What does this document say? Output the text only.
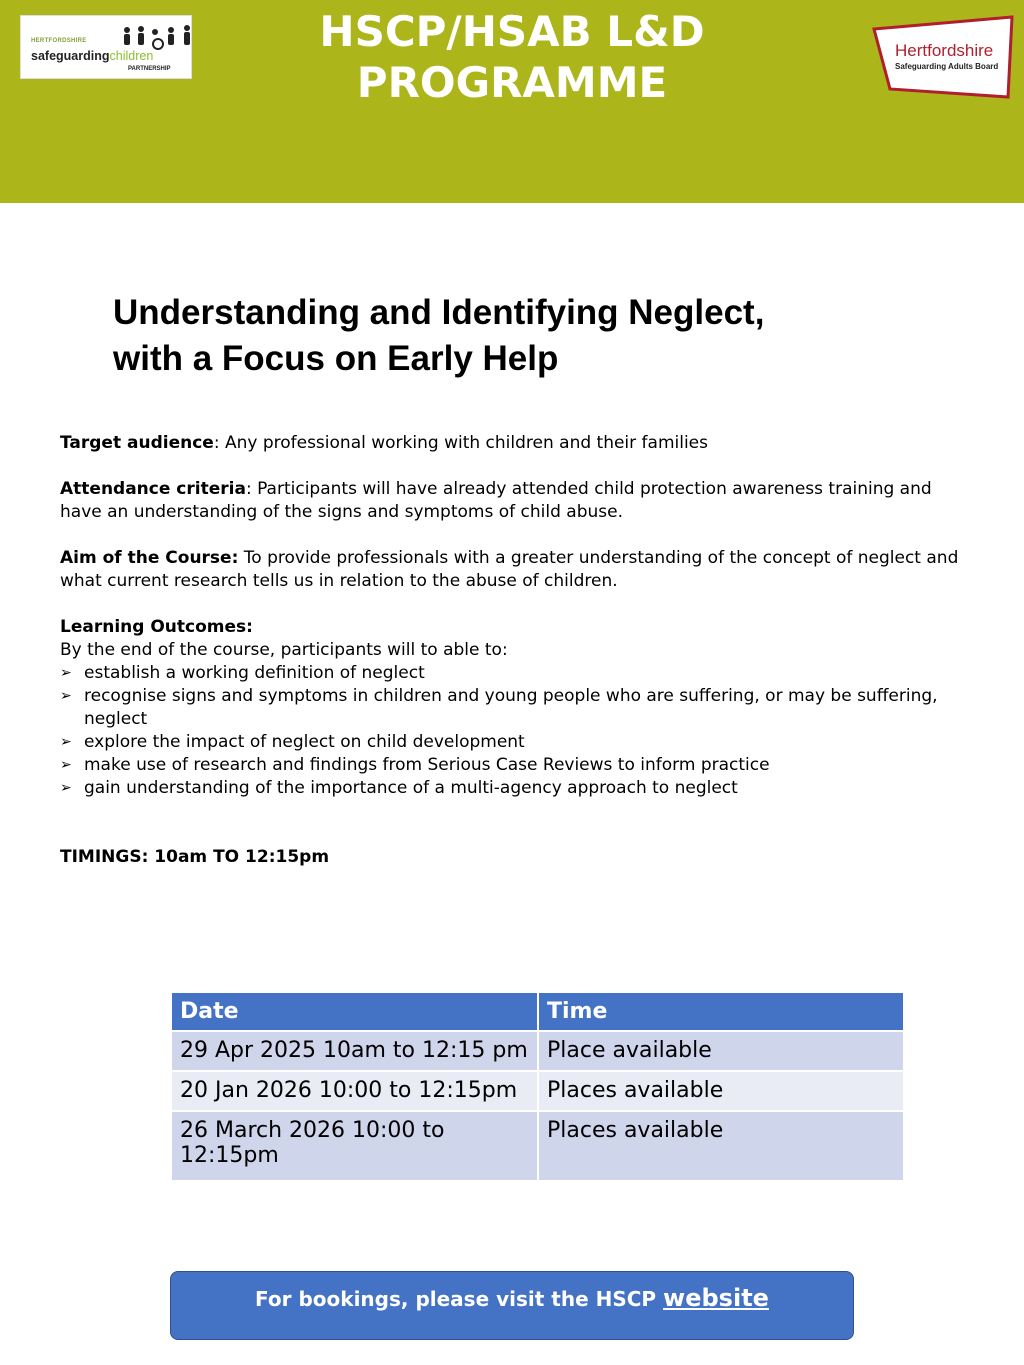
HERTFORDSHIRE
safeguardingchildren
PARTNERSHIP
HSCP/HSAB L&D PROGRAMME
Hertfordshire
Safeguarding Adults Board
Understanding and Identifying Neglect,
with a Focus on Early Help

Target audience: Any professional working with children and their families

Attendance criteria: Participants will have already attended child protection awareness training and have an understanding of the signs and symptoms of child abuse.

Aim of the Course: To provide professionals with a greater understanding of the concept of neglect and what current research tells us in relation to the abuse of children.

Learning Outcomes:

By the end of the course, participants will to able to:

➢ establish a working definition of neglect
➢ recognise signs and symptoms in children and young people who are suffering, or may be suffering, neglect
➢ explore the impact of neglect on child development
➢ make use of research and findings from Serious Case Reviews to inform practice
➢ gain understanding of the importance of a multi-agency approach to neglect
TIMINGS: 10am TO 12:15pm
Date	Time
29 Apr 2025 10am to 12:15 pm	Place available
20 Jan 2026 10:00 to 12:15pm	Places available
26 March 2026 10:00 to 12:15pm	Places available
For bookings, please visit the HSCP website
